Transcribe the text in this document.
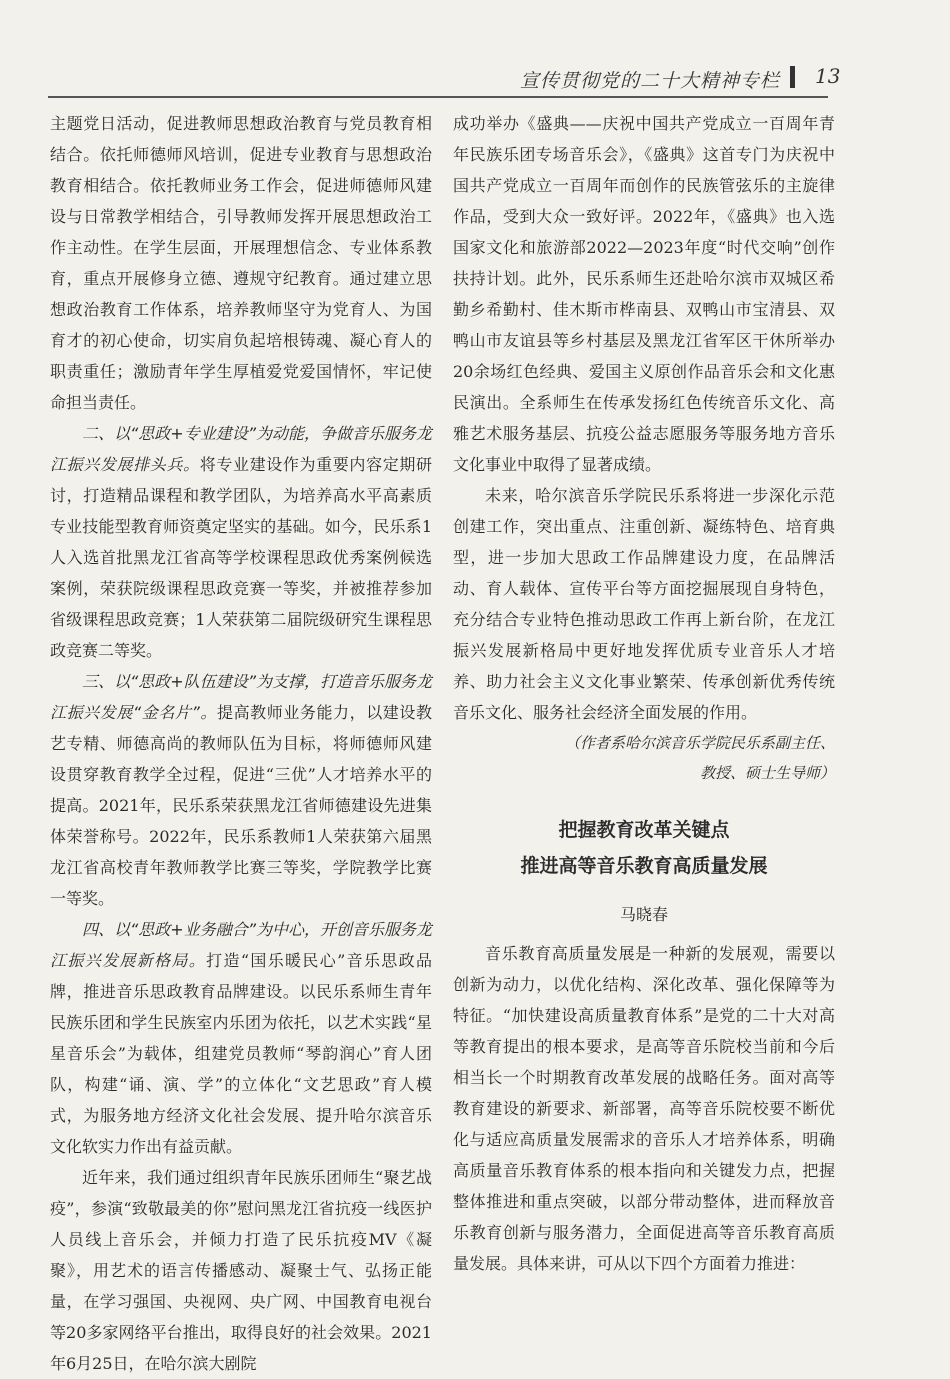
宣传贯彻党的二十大精神专栏 13

主题党日活动，促进教师思想政治教育与党员教育相结合。依托师德师风培训，促进专业教育与思想政治教育相结合。依托教师业务工作会，促进师德师风建设与日常教学相结合，引导教师发挥开展思想政治工作主动性。在学生层面，开展理想信念、专业体系教育，重点开展修身立德、遵规守纪教育。通过建立思想政治教育工作体系，培养教师坚守为党育人、为国育才的初心使命，切实肩负起培根铸魂、凝心育人的职责重任；激励青年学生厚植爱党爱国情怀，牢记使命担当责任。

二、以“思政+专业建设”为动能，争做音乐服务龙江振兴发展排头兵。将专业建设作为重要内容定期研讨，打造精品课程和教学团队，为培养高水平高素质专业技能型教育师资奠定坚实的基础。如今，民乐系1人入选首批黑龙江省高等学校课程思政优秀案例候选案例，荣获院级课程思政竞赛一等奖，并被推荐参加省级课程思政竞赛；1人荣获第二届院级研究生课程思政竞赛二等奖。

三、以“思政+队伍建设”为支撑，打造音乐服务龙江振兴发展“金名片”。提高教师业务能力，以建设教艺专精、师德高尚的教师队伍为目标，将师德师风建设贯穿教育教学全过程，促进“三优”人才培养水平的提高。2021年，民乐系荣获黑龙江省师德建设先进集体荣誉称号。2022年，民乐系教师1人荣获第六届黑龙江省高校青年教师教学比赛三等奖，学院教学比赛一等奖。

四、以“思政+业务融合”为中心，开创音乐服务龙江振兴发展新格局。打造“国乐暖民心”音乐思政品牌，推进音乐思政教育品牌建设。以民乐系师生青年民族乐团和学生民族室内乐团为依托，以艺术实践“星星音乐会”为载体，组建党员教师“琴韵润心”育人团队，构建“诵、演、学”的立体化“文艺思政”育人模式，为服务地方经济文化社会发展、提升哈尔滨音乐文化软实力作出有益贡献。

近年来，我们通过组织青年民族乐团师生“聚艺战疫”，参演“致敬最美的你”慰问黑龙江省抗疫一线医护人员线上音乐会，并倾力打造了民乐抗疫MV《凝聚》，用艺术的语言传播感动、凝聚士气、弘扬正能量，在学习强国、央视网、央广网、中国教育电视台等20多家网络平台推出，取得良好的社会效果。2021年6月25日，在哈尔滨大剧院

成功举办《盛典——庆祝中国共产党成立一百周年青年民族乐团专场音乐会》，《盛典》这首专门为庆祝中国共产党成立一百周年而创作的民族管弦乐的主旋律作品，受到大众一致好评。2022年，《盛典》也入选国家文化和旅游部2022—2023年度“时代交响”创作扶持计划。此外，民乐系师生还赴哈尔滨市双城区希勤乡希勤村、佳木斯市桦南县、双鸭山市宝清县、双鸭山市友谊县等乡村基层及黑龙江省军区干休所举办20余场红色经典、爱国主义原创作品音乐会和文化惠民演出。全系师生在传承发扬红色传统音乐文化、高雅艺术服务基层、抗疫公益志愿服务等服务地方音乐文化事业中取得了显著成绩。

未来，哈尔滨音乐学院民乐系将进一步深化示范创建工作，突出重点、注重创新、凝练特色、培育典型，进一步加大思政工作品牌建设力度，在品牌活动、育人载体、宣传平台等方面挖掘展现自身特色，充分结合专业特色推动思政工作再上新台阶，在龙江振兴发展新格局中更好地发挥优质专业音乐人才培养、助力社会主义文化事业繁荣、传承创新优秀传统音乐文化、服务社会经济全面发展的作用。

（作者系哈尔滨音乐学院民乐系副主任、
教授、硕士生导师）
把握教育改革关键点
推进高等音乐教育高质量发展
马晓春

音乐教育高质量发展是一种新的发展观，需要以创新为动力，以优化结构、深化改革、强化保障等为特征。“加快建设高质量教育体系”是党的二十大对高等教育提出的根本要求，是高等音乐院校当前和今后相当长一个时期教育改革发展的战略任务。面对高等教育建设的新要求、新部署，高等音乐院校要不断优化与适应高质量发展需求的音乐人才培养体系，明确高质量音乐教育体系的根本指向和关键发力点，把握整体推进和重点突破，以部分带动整体，进而释放音乐教育创新与服务潜力，全面促进高等音乐教育高质量发展。具体来讲，可从以下四个方面着力推进：
